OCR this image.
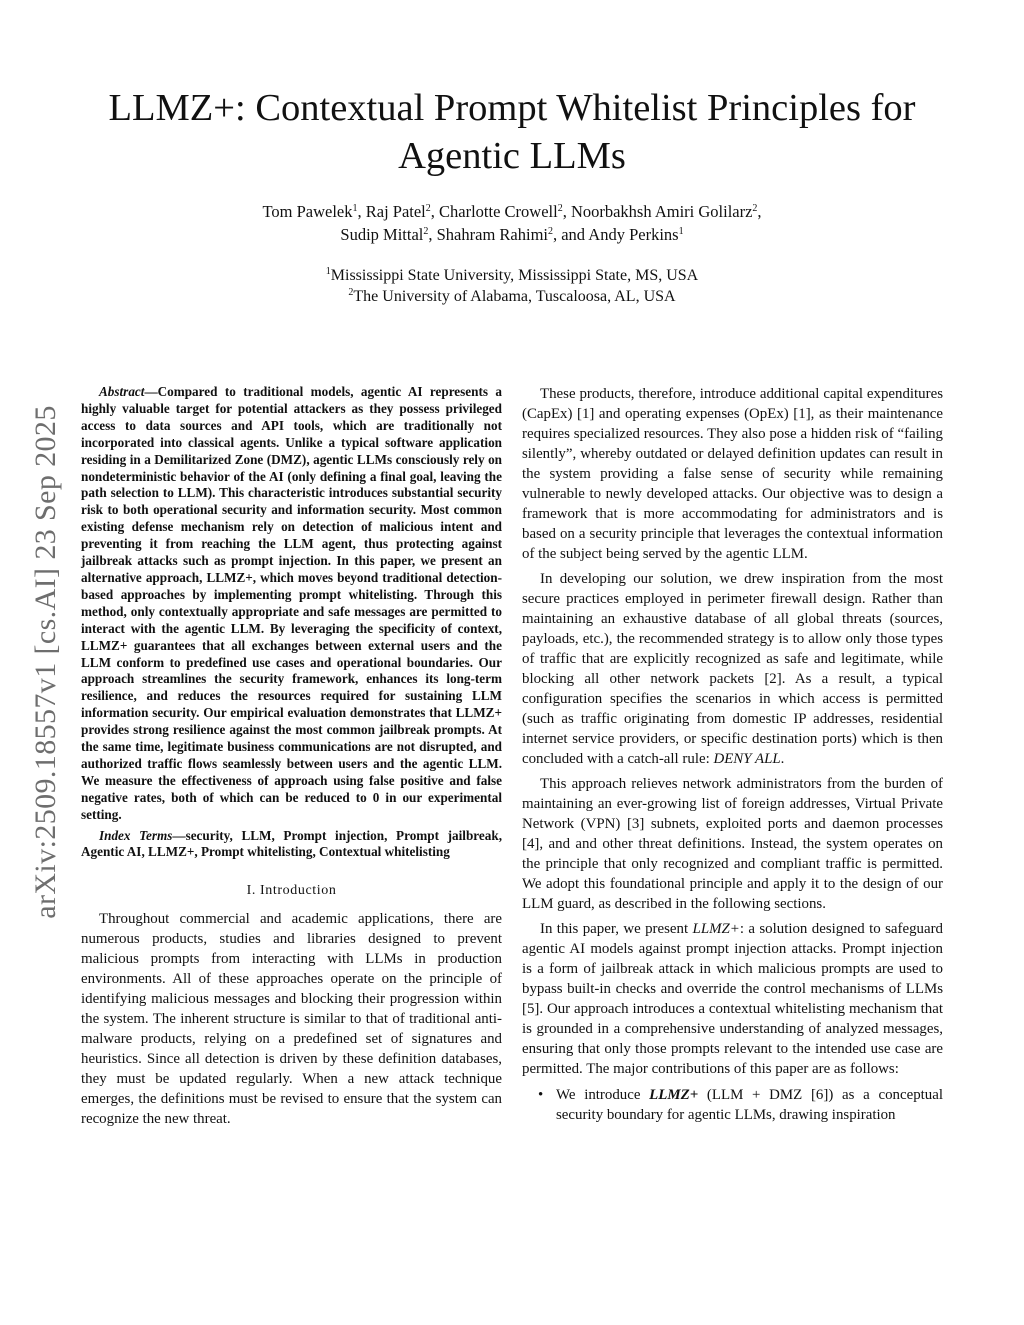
arXiv:2509.18557v1 [cs.AI] 23 Sep 2025
LLMZ+: Contextual Prompt Whitelist Principles for
Agentic LLMs
Tom Pawelek$^1$, Raj Patel$^2$, Charlotte Crowell$^2$, Noorbakhsh Amiri Golilarz$^2$,
Sudip Mittal$^2$, Shahram Rahimi$^2$, and Andy Perkins$^1$
$^1$Mississippi State University, Mississippi State, MS, USA
$^2$The University of Alabama, Tuscaloosa, AL, USA

Abstract—Compared to traditional models, agentic AI represents a highly valuable target for potential attackers as they possess privileged access to data sources and API tools, which are traditionally not incorporated into classical agents. Unlike a typical software application residing in a Demilitarized Zone (DMZ), agentic LLMs consciously rely on nondeterministic behavior of the AI (only defining a final goal, leaving the path selection to LLM). This characteristic introduces substantial security risk to both operational security and information security. Most common existing defense mechanism rely on detection of malicious intent and preventing it from reaching the LLM agent, thus protecting against jailbreak attacks such as prompt injection. In this paper, we present an alternative approach, LLMZ+, which moves beyond traditional detection-based approaches by implementing prompt whitelisting. Through this method, only contextually appropriate and safe messages are permitted to interact with the agentic LLM. By leveraging the specificity of context, LLMZ+ guarantees that all exchanges between external users and the LLM conform to predefined use cases and operational boundaries. Our approach streamlines the security framework, enhances its long-term resilience, and reduces the resources required for sustaining LLM information security. Our empirical evaluation demonstrates that LLMZ+ provides strong resilience against the most common jailbreak prompts. At the same time, legitimate business communications are not disrupted, and authorized traffic flows seamlessly between users and the agentic LLM. We measure the effectiveness of approach using false positive and false negative rates, both of which can be reduced to 0 in our experimental setting.

Index Terms—security, LLM, Prompt injection, Prompt jailbreak, Agentic AI, LLMZ+, Prompt whitelisting, Contextual whitelisting

I. Introduction

Throughout commercial and academic applications, there are numerous products, studies and libraries designed to prevent malicious prompts from interacting with LLMs in production environments. All of these approaches operate on the principle of identifying malicious messages and blocking their progression within the system. The inherent structure is similar to that of traditional anti-malware products, relying on a predefined set of signatures and heuristics. Since all detection is driven by these definition databases, they must be updated regularly. When a new attack technique emerges, the definitions must be revised to ensure that the system can recognize the new threat.

These products, therefore, introduce additional capital expenditures (CapEx) [1] and operating expenses (OpEx) [1], as their maintenance requires specialized resources. They also pose a hidden risk of “failing silently”, whereby outdated or delayed definition updates can result in the system providing a false sense of security while remaining vulnerable to newly developed attacks. Our objective was to design a framework that is more accommodating for administrators and is based on a security principle that leverages the contextual information of the subject being served by the agentic LLM.

In developing our solution, we drew inspiration from the most secure practices employed in perimeter firewall design. Rather than maintaining an exhaustive database of all global threats (sources, payloads, etc.), the recommended strategy is to allow only those types of traffic that are explicitly recognized as safe and legitimate, while blocking all other network packets [2]. As a result, a typical configuration specifies the scenarios in which access is permitted (such as traffic originating from domestic IP addresses, residential internet service providers, or specific destination ports) which is then concluded with a catch-all rule: DENY ALL.

This approach relieves network administrators from the burden of maintaining an ever-growing list of foreign addresses, Virtual Private Network (VPN) [3] subnets, exploited ports and daemon processes [4], and and other threat definitions. Instead, the system operates on the principle that only recognized and compliant traffic is permitted. We adopt this foundational principle and apply it to the design of our LLM guard, as described in the following sections.

In this paper, we present LLMZ+: a solution designed to safeguard agentic AI models against prompt injection attacks. Prompt injection is a form of jailbreak attack in which malicious prompts are used to bypass built-in checks and override the control mechanisms of LLMs [5]. Our approach introduces a contextual whitelisting mechanism that is grounded in a comprehensive understanding of analyzed messages, ensuring that only those prompts relevant to the intended use case are permitted. The major contributions of this paper are as follows:

• We introduce LLMZ+ (LLM + DMZ [6]) as a conceptual security boundary for agentic LLMs, drawing inspiration
